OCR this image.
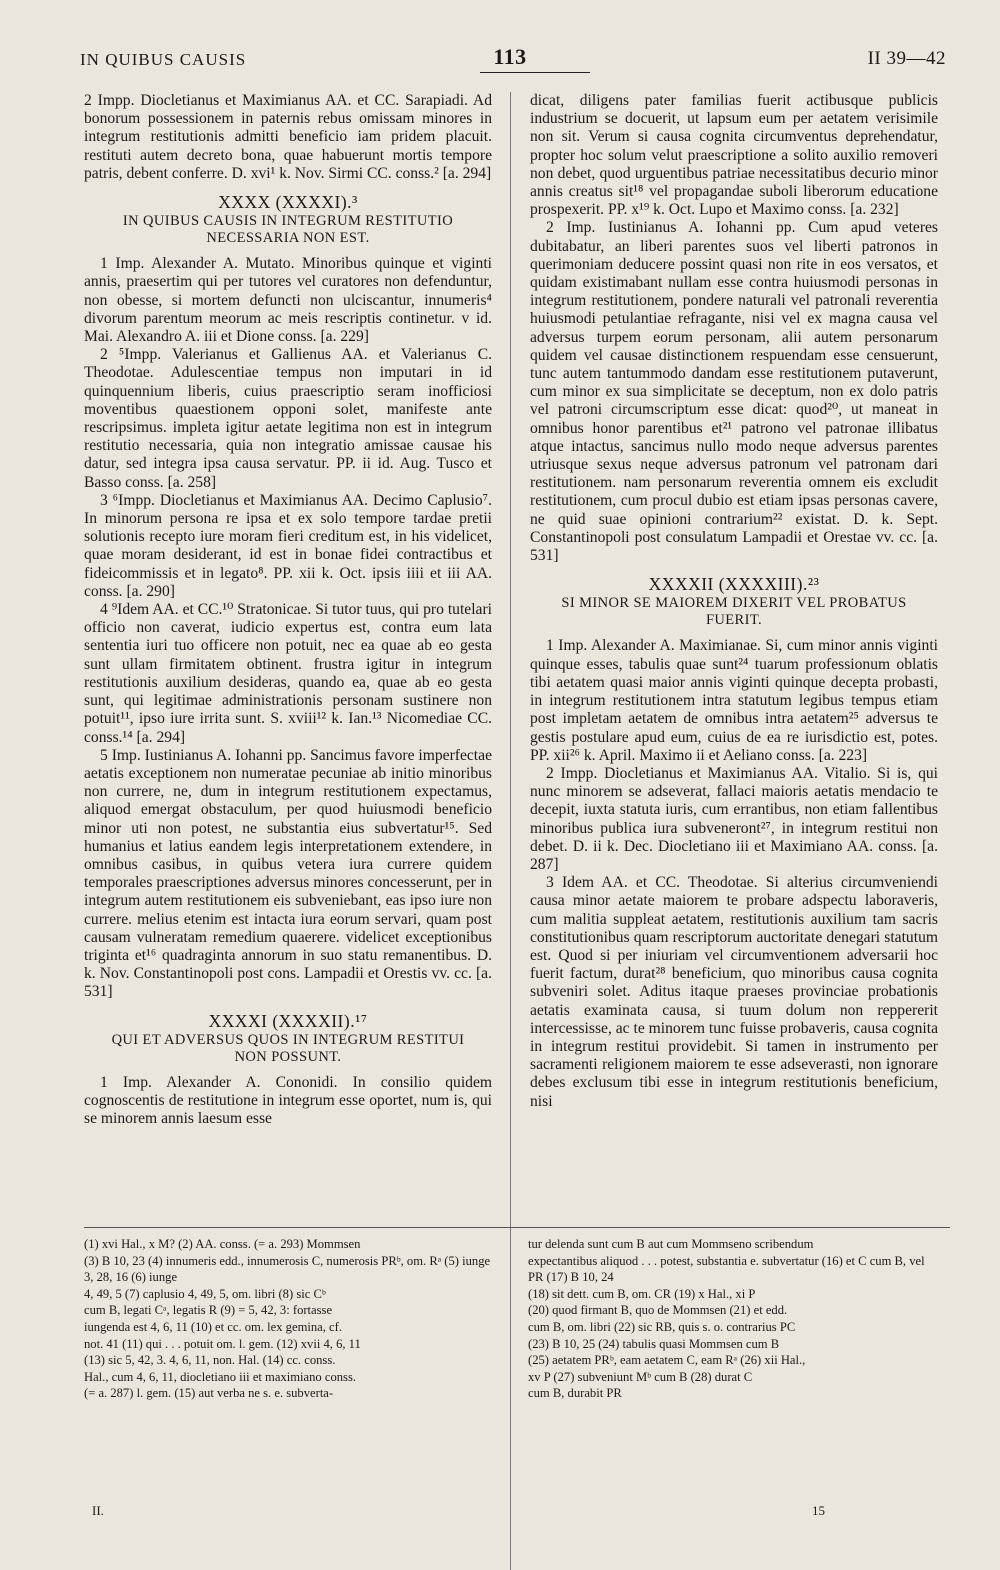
IN QUIBUS CAUSIS	113	II 39—42

2 Impp. Diocletianus et Maximianus AA. et CC. Sarapiadi. Ad bonorum possessionem in paternis rebus omissam minores in integrum restitutionis admitti beneficio iam pridem placuit. restituti autem decreto bona, quae habuerunt mortis tempore patris, debent conferre. D. xvi¹ k. Nov. Sirmi CC. conss.² [a. 294]

XXXX (XXXXI).³
IN QUIBUS CAUSIS IN INTEGRUM RESTITUTIO NECESSARIA NON EST.

1 Imp. Alexander A. Mutato. Minoribus quinque et viginti annis, praesertim qui per tutores vel curatores non defenduntur, non obesse, si mortem defuncti non ulciscantur, innumeris⁴ divorum parentum meorum ac meis rescriptis continetur. v id. Mai. Alexandro A. iii et Dione conss. [a. 229]

2 ⁵Impp. Valerianus et Gallienus AA. et Valerianus C. Theodotae. Adulescentiae tempus non imputari in id quinquennium liberis, cuius praescriptio seram inofficiosi moventibus quaestionem opponi solet, manifeste ante rescripsimus. impleta igitur aetate legitima non est in integrum restitutio necessaria, quia non integratio amissae causae his datur, sed integra ipsa causa servatur. PP. ii id. Aug. Tusco et Basso conss. [a. 258]

3 ⁶Impp. Diocletianus et Maximianus AA. Decimo Caplusio⁷. In minorum persona re ipsa et ex solo tempore tardae pretii solutionis recepto iure moram fieri creditum est, in his videlicet, quae moram desiderant, id est in bonae fidei contractibus et fideicommissis et in legato⁸. PP. xii k. Oct. ipsis iiii et iii AA. conss. [a. 290]

4 ⁹Idem AA. et CC.¹⁰ Stratonicae. Si tutor tuus, qui pro tutelari officio non caverat, iudicio expertus est, contra eum lata sententia iuri tuo officere non potuit, nec ea quae ab eo gesta sunt ullam firmitatem obtinent. frustra igitur in integrum restitutionis auxilium desideras, quando ea, quae ab eo gesta sunt, qui legitimae administrationis personam sustinere non potuit¹¹, ipso iure irrita sunt. S. xviii¹² k. Ian.¹³ Nicomediae CC. conss.¹⁴ [a. 294]

5 Imp. Iustinianus A. Iohanni pp. Sancimus favore imperfectae aetatis exceptionem non numeratae pecuniae ab initio minoribus non currere, ne, dum in integrum restitutionem expectamus, aliquod emergat obstaculum, per quod huiusmodi beneficio minor uti non potest, ne substantia eius subvertatur¹⁵. Sed humanius et latius eandem legis interpretationem extendere, in omnibus casibus, in quibus vetera iura currere quidem temporales praescriptiones adversus minores concesserunt, per in integrum autem restitutionem eis subveniebant, eas ipso iure non currere. melius etenim est intacta iura eorum servari, quam post causam vulneratam remedium quaerere. videlicet exceptionibus triginta et¹⁶ quadraginta annorum in suo statu remanentibus. D. k. Nov. Constantinopoli post cons. Lampadii et Orestis vv. cc. [a. 531]

XXXXI (XXXXII).¹⁷
QUI ET ADVERSUS QUOS IN INTEGRUM RESTITUI NON POSSUNT.

1 Imp. Alexander A. Cononidi. In consilio quidem cognoscentis de restitutione in integrum esse oportet, num is, qui se minorem annis laesum esse

dicat, diligens pater familias fuerit actibusque publicis industrium se docuerit, ut lapsum eum per aetatem verisimile non sit. Verum si causa cognita circumventus deprehendatur, propter hoc solum velut praescriptione a solito auxilio removeri non debet, quod urguentibus patriae necessitatibus decurio minor annis creatus sit¹⁸ vel propagandae suboli liberorum educatione prospexerit. PP. x¹⁹ k. Oct. Lupo et Maximo conss. [a. 232]

2 Imp. Iustinianus A. Iohanni pp. Cum apud veteres dubitabatur, an liberi parentes suos vel liberti patronos in querimoniam deducere possint quasi non rite in eos versatos, et quidam existimabant nullam esse contra huiusmodi personas in integrum restitutionem, pondere naturali vel patronali reverentia huiusmodi petulantiae refragante, nisi vel ex magna causa vel adversus turpem eorum personam, alii autem personarum quidem vel causae distinctionem respuendam esse censuerunt, tunc autem tantummodo dandam esse restitutionem putaverunt, cum minor ex sua simplicitate se deceptum, non ex dolo patris vel patroni circumscriptum esse dicat: quod²⁰, ut maneat in omnibus honor parentibus et²¹ patrono vel patronae illibatus atque intactus, sancimus nullo modo neque adversus parentes utriusque sexus neque adversus patronum vel patronam dari restitutionem. nam personarum reverentia omnem eis excludit restitutionem, cum procul dubio est etiam ipsas personas cavere, ne quid suae opinioni contrarium²² existat. D. k. Sept. Constantinopoli post consulatum Lampadii et Orestae vv. cc. [a. 531]

XXXXII (XXXXIII).²³
SI MINOR SE MAIOREM DIXERIT VEL PROBATUS FUERIT.

1 Imp. Alexander A. Maximianae. Si, cum minor annis viginti quinque esses, tabulis quae sunt²⁴ tuarum professionum oblatis tibi aetatem quasi maior annis viginti quinque decepta probasti, in integrum restitutionem intra statutum legibus tempus etiam post impletam aetatem de omnibus intra aetatem²⁵ adversus te gestis postulare apud eum, cuius de ea re iurisdictio est, potes. PP. xii²⁶ k. April. Maximo ii et Aeliano conss. [a. 223]

2 Impp. Diocletianus et Maximianus AA. Vitalio. Si is, qui nunc minorem se adseverat, fallaci maioris aetatis mendacio te decepit, iuxta statuta iuris, cum errantibus, non etiam fallentibus minoribus publica iura subveneront²⁷, in integrum restitui non debet. D. ii k. Dec. Diocletiano iii et Maximiano AA. conss. [a. 287]

3 Idem AA. et CC. Theodotae. Si alterius circumveniendi causa minor aetate maiorem te probare adspectu laboraveris, cum malitia suppleat aetatem, restitutionis auxilium tam sacris constitutionibus quam rescriptorum auctoritate denegari statutum est. Quod si per iniuriam vel circumventionem adversarii hoc fuerit factum, durat²⁸ beneficium, quo minoribus causa cognita subveniri solet. Aditus itaque praeses provinciae probationis aetatis examinata causa, si tuum dolum non reppererit intercessisse, ac te minorem tunc fuisse probaveris, causa cognita in integrum restitui providebit. Si tamen in instrumento per sacramenti religionem maiorem te esse adseverasti, non ignorare debes exclusum tibi esse in integrum restitutionis beneficium, nisi

(1) xvi Hal., x M? (2) AA. conss. (= a. 293) Mommsen
(3) B 10, 23 (4) innumeris edd., innumerosis C, numerosis PRᵇ, om. Rᵃ (5) iunge 3, 28, 16 (6) iunge
4, 49, 5 (7) caplusio 4, 49, 5, om. libri (8) sic Cᵇ
cum B, legati Cᵃ, legatis R (9) = 5, 42, 3: fortasse
iungenda est 4, 6, 11 (10) et cc. om. lex gemina, cf.
not. 41 (11) qui . . . potuit om. l. gem. (12) xvii 4, 6, 11
(13) sic 5, 42, 3. 4, 6, 11, non. Hal. (14) cc. conss.
Hal., cum 4, 6, 11, diocletiano iii et maximiano conss.
(= a. 287) l. gem. (15) aut verba ne s. e. subverta-
tur delenda sunt cum B aut cum Mommseno scribendum
expectantibus aliquod . . . potest, substantia e. subvertatur (16) et C cum B, vel PR (17) B 10, 24
(18) sit dett. cum B, om. CR (19) x Hal., xi P
(20) quod firmant B, quo de Mommsen (21) et edd.
cum B, om. libri (22) sic RB, quis s. o. contrarius PC
(23) B 10, 25 (24) tabulis quasi Mommsen cum B
(25) aetatem PRᵇ, eam aetatem C, eam Rᵃ (26) xii Hal.,
xv P (27) subveniunt Mᵇ cum B (28) durat C
cum B, durabit PR
II.	15
